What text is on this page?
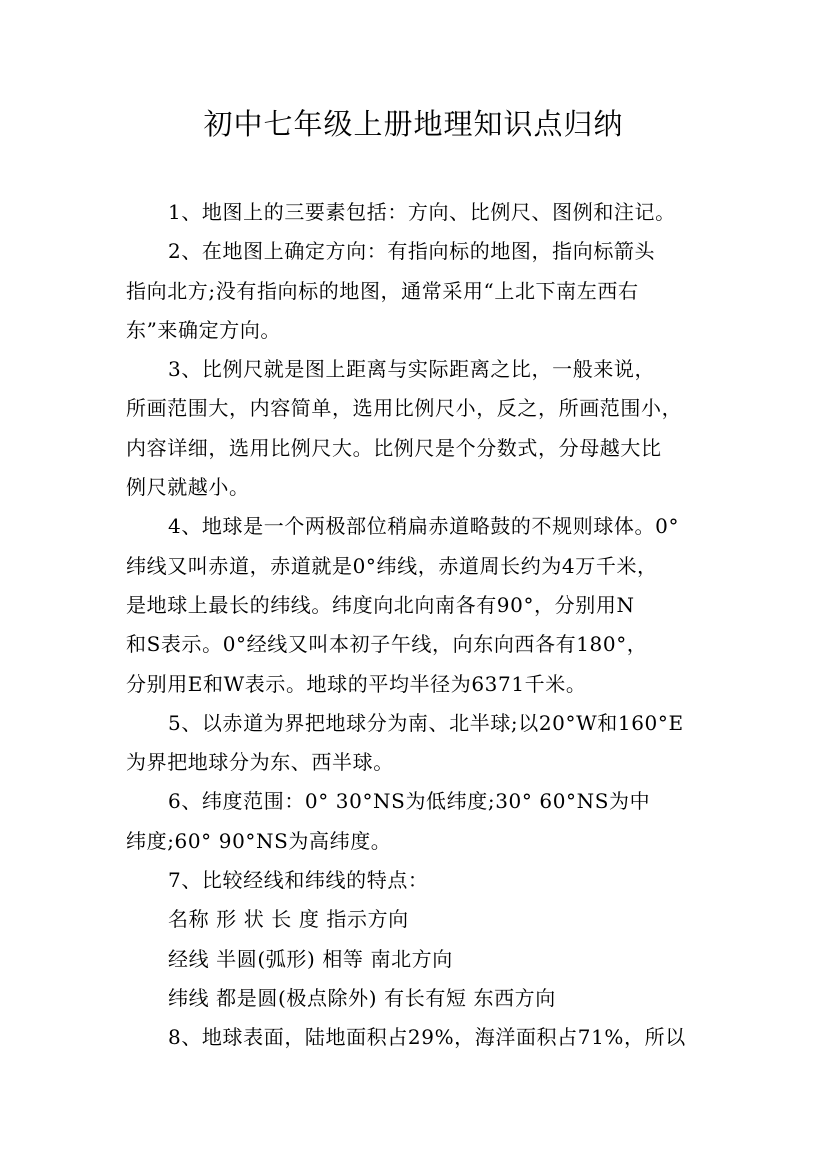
初中七年级上册地理知识点归纳
1、地图上的三要素包括：方向、比例尺、图例和注记。
2、在地图上确定方向：有指向标的地图，指向标箭头
指向北方;没有指向标的地图，通常采用“上北下南左西右
东”来确定方向。
3、比例尺就是图上距离与实际距离之比，一般来说，
所画范围大，内容简单，选用比例尺小，反之，所画范围小，
内容详细，选用比例尺大。比例尺是个分数式，分母越大比
例尺就越小。
4、地球是一个两极部位稍扁赤道略鼓的不规则球体。0°
纬线又叫赤道，赤道就是0°纬线，赤道周长约为4万千米，
是地球上最长的纬线。纬度向北向南各有90°，分别用N
和S表示。0°经线又叫本初子午线，向东向西各有180°，
分别用E和W表示。地球的平均半径为6371千米。
5、以赤道为界把地球分为南、北半球;以20°W和160°E
为界把地球分为东、西半球。
6、纬度范围：0° 30°NS为低纬度;30° 60°NS为中
纬度;60° 90°NS为高纬度。
7、比较经线和纬线的特点：
名称 形 状 长 度 指示方向
经线 半圆(弧形) 相等 南北方向
纬线 都是圆(极点除外) 有长有短 东西方向
8、地球表面，陆地面积占29%，海洋面积占71%，所以
